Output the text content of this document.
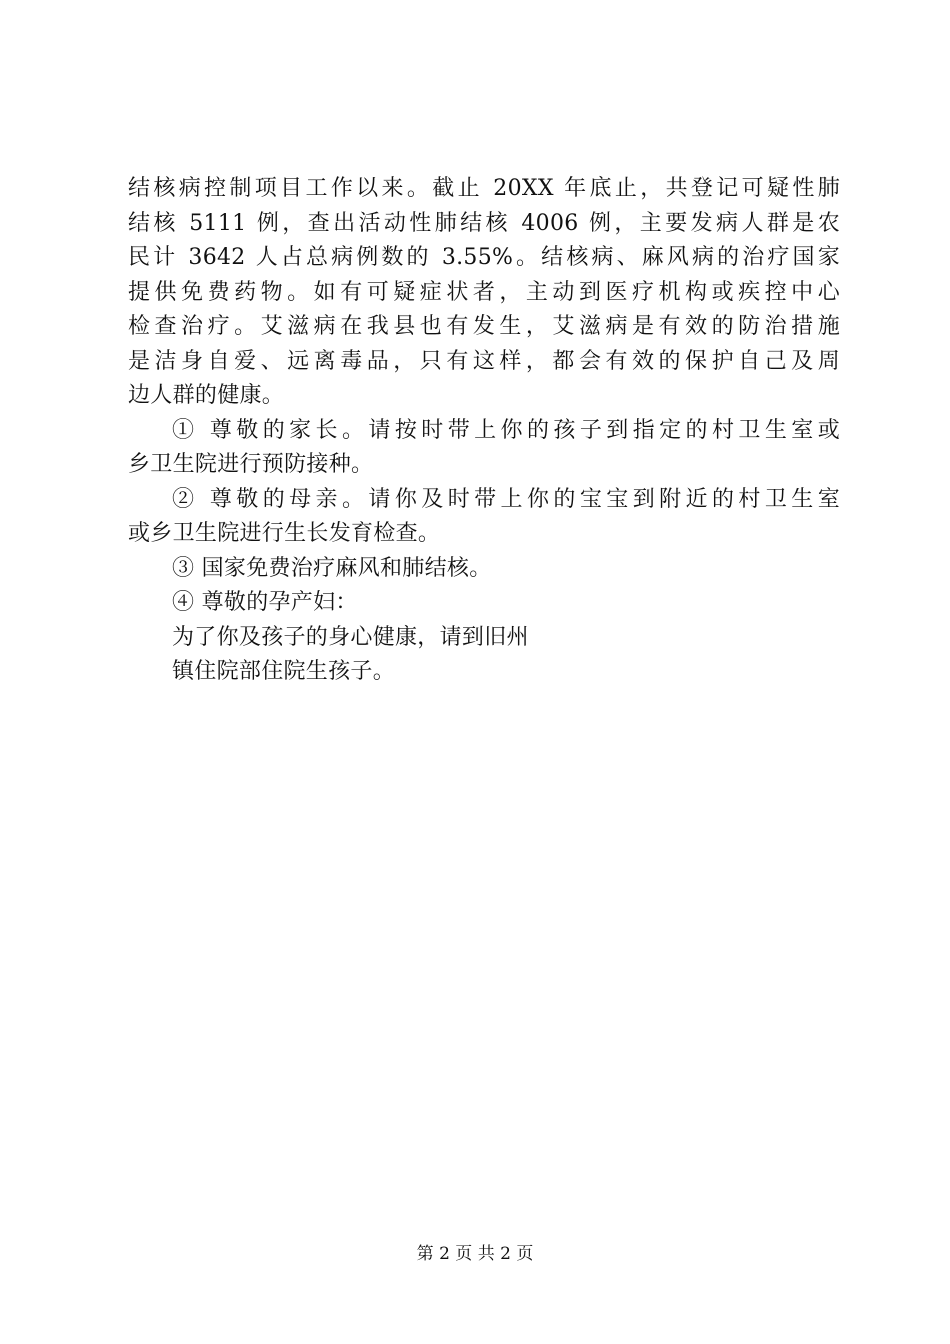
结核病控制项目工作以来。截止 20XX 年底止，共登记可疑性肺
结核 5111 例，查出活动性肺结核 4006 例，主要发病人群是农
民计 3642 人占总病例数的 3.55%。结核病、麻风病的治疗国家
提供免费药物。如有可疑症状者，主动到医疗机构或疾控中心
检查治疗。艾滋病在我县也有发生，艾滋病是有效的防治措施
是洁身自爱、远离毒品，只有这样，都会有效的保护自己及周
边人群的健康。
① 尊敬的家长。请按时带上你的孩子到指定的村卫生室或
乡卫生院进行预防接种。
② 尊敬的母亲。请你及时带上你的宝宝到附近的村卫生室
或乡卫生院进行生长发育检查。
③ 国家免费治疗麻风和肺结核。
④ 尊敬的孕产妇：
为了你及孩子的身心健康，请到旧州
镇住院部住院生孩子。
第 2 页 共 2 页
